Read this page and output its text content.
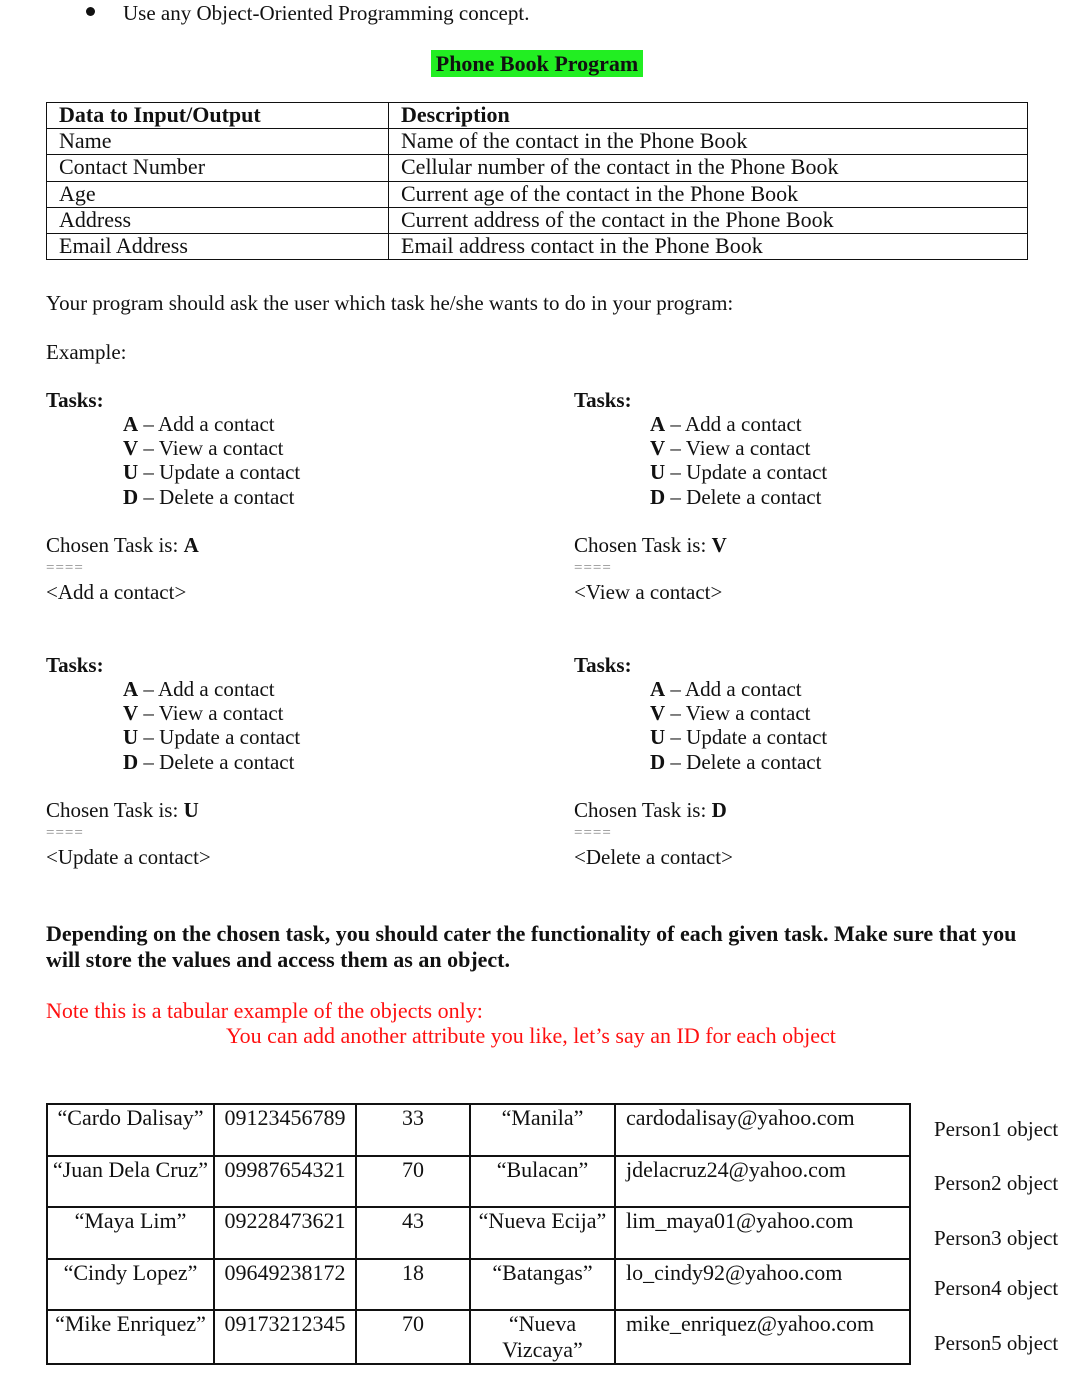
Use any Object-Oriented Programming concept.
Phone Book Program
Data to Input/Output	Description
Name	Name of the contact in the Phone Book
Contact Number	Cellular number of the contact in the Phone Book
Age	Current age of the contact in the Phone Book
Address	Current address of the contact in the Phone Book
Email Address	Email address contact in the Phone Book
Your program should ask the user which task he/she wants to do in your program:
Example:
Tasks:
A – Add a contact
V – View a contact
U – Update a contact
D – Delete a contact
Chosen Task is: A
====
<Add a contact>
Tasks:
A – Add a contact
V – View a contact
U – Update a contact
D – Delete a contact
Chosen Task is: V
====
<View a contact>
Tasks:
A – Add a contact
V – View a contact
U – Update a contact
D – Delete a contact
Chosen Task is: U
====
<Update a contact>
Tasks:
A – Add a contact
V – View a contact
U – Update a contact
D – Delete a contact
Chosen Task is: D
====
<Delete a contact>
Depending on the chosen task, you should cater the functionality of each given task. Make sure that you will store the values and access them as an object.
Note this is a tabular example of the objects only:
You can add another attribute you like, let’s say an ID for each object
“Cardo Dalisay”	09123456789	33	“Manila”	cardodalisay@yahoo.com
“Juan Dela Cruz”	09987654321	70	“Bulacan”	jdelacruz24@yahoo.com
“Maya Lim”	09228473621	43	“Nueva Ecija”	lim_maya01@yahoo.com
“Cindy Lopez”	09649238172	18	“Batangas”	lo_cindy92@yahoo.com
“Mike Enriquez”	09173212345	70	“Nueva Vizcaya”	mike_enriquez@yahoo.com
Person1 object
Person2 object
Person3 object
Person4 object
Person5 object
